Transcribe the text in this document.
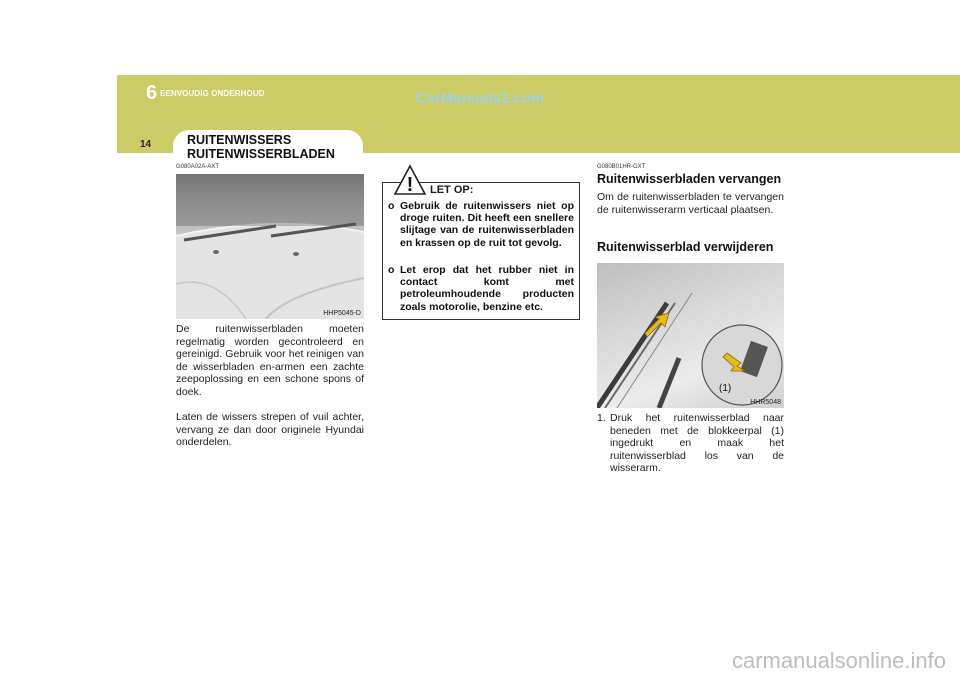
6 EENVOUDIG ONDERHOUD	CarManuals2.com
14	RUITENWISSERS
RUITENWISSERBLADEN
G080A02A-AXT
HHP5045-D
De ruitenwisserbladen moeten regelmatig worden gecontroleerd en gereinigd. Gebruik voor het reinigen van de wisserbladen en-armen een zachte zeepoplossing en een schone spons of doek.
Laten de wissers strepen of vuil achter, vervang ze dan door originele Hyundai onderdelen.
! LET OP:
o Gebruik de ruitenwissers niet op droge ruiten. Dit heeft een snellere slijtage van de ruitenwisserbladen en krassen op de ruit tot gevolg.
o Let erop dat het rubber niet in contact komt met petroleumhoudende producten zoals motorolie, benzine etc.
G080B01HR-GXT
Ruitenwisserbladen vervangen
Om de ruitenwisserbladen te vervangen de ruitenwisserarm verticaal plaatsen.
Ruitenwisserblad verwijderen
(1)
HHR5048
1. Druk het ruitenwisserblad naar beneden met de blokkeerpal (1) ingedrukt en maak het ruitenwisserblad los van de wisserarm.
carmanualsonline.info
